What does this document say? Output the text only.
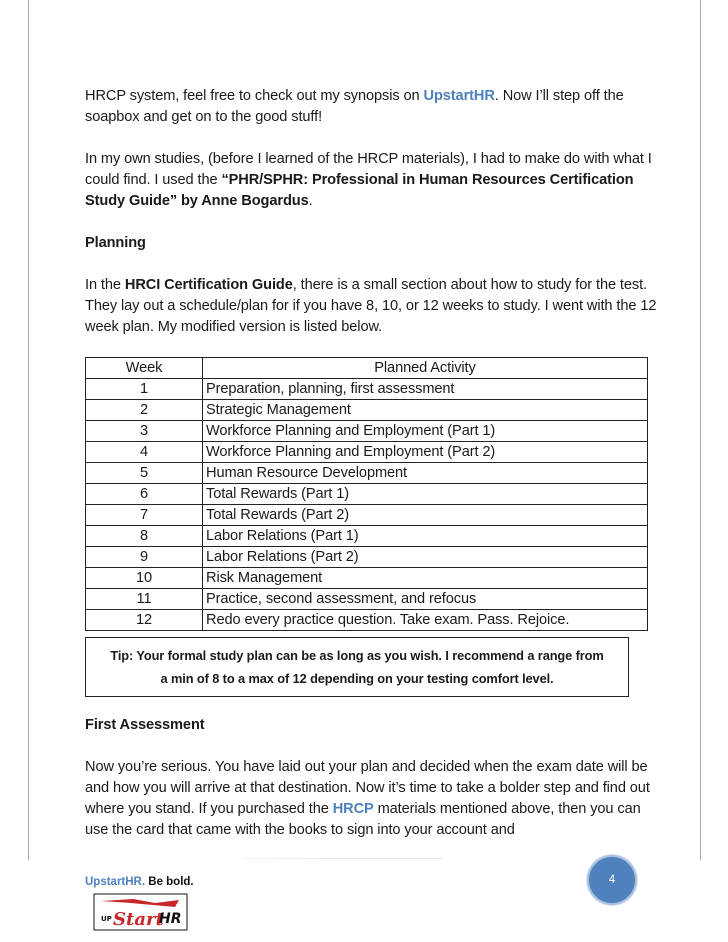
HRCP system, feel free to check out my synopsis on UpstartHR. Now I’ll step off the soapbox and get on to the good stuff!

In my own studies, (before I learned of the HRCP materials), I had to make do with what I could find. I used the “PHR/SPHR: Professional in Human Resources Certification Study Guide” by Anne Bogardus.

Planning

In the HRCI Certification Guide, there is a small section about how to study for the test. They lay out a schedule/plan for if you have 8, 10, or 12 weeks to study. I went with the 12 week plan. My modified version is listed below.

Week	Planned Activity
1	Preparation, planning, first assessment
2	Strategic Management
3	Workforce Planning and Employment (Part 1)
4	Workforce Planning and Employment (Part 2)
5	Human Resource Development
6	Total Rewards (Part 1)
7	Total Rewards (Part 2)
8	Labor Relations (Part 1)
9	Labor Relations (Part 2)
10	Risk Management
11	Practice, second assessment, and refocus
12	Redo every practice question. Take exam. Pass. Rejoice.
Tip: Your formal study plan can be as long as you wish. I recommend a range from
a min of 8 to a max of 12 depending on your testing comfort level.
First Assessment

Now you’re serious. You have laid out your plan and decided when the exam date will be and how you will arrive at that destination. Now it’s time to take a bolder step and find out where you stand. If you purchased the HRCP materials mentioned above, then you can use the card that came with the books to sign into your account and

UpstartHR. Be bold.	4
UP Start
HR
